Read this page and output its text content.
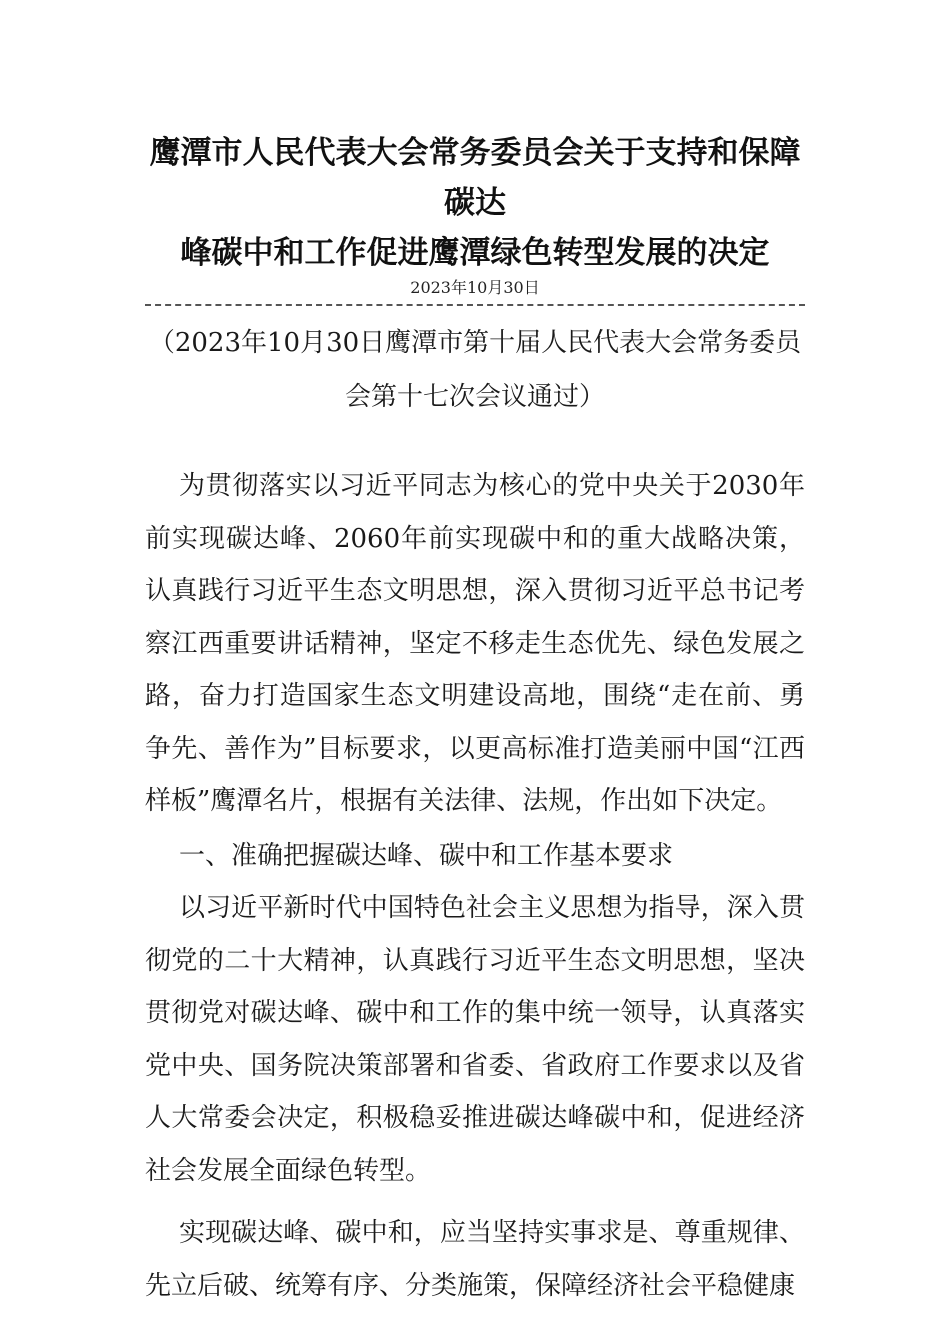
鹰潭市人民代表大会常务委员会关于支持和保障碳达
峰碳中和工作促进鹰潭绿色转型发展的决定
2023年10月30日
（2023年10月30日鹰潭市第十届人民代表大会常务委员
会第十七次会议通过）

为贯彻落实以习近平同志为核心的党中央关于2030年前实现碳达峰、2060年前实现碳中和的重大战略决策，认真践行习近平生态文明思想，深入贯彻习近平总书记考察江西重要讲话精神，坚定不移走生态优先、绿色发展之路，奋力打造国家生态文明建设高地，围绕“走在前、勇争先、善作为”目标要求，以更高标准打造美丽中国“江西样板”鹰潭名片，根据有关法律、法规，作出如下决定。

一、准确把握碳达峰、碳中和工作基本要求

以习近平新时代中国特色社会主义思想为指导，深入贯彻党的二十大精神，认真践行习近平生态文明思想，坚决贯彻党对碳达峰、碳中和工作的集中统一领导，认真落实党中央、国务院决策部署和省委、省政府工作要求以及省人大常委会决定，积极稳妥推进碳达峰碳中和，促进经济社会发展全面绿色转型。

实现碳达峰、碳中和，应当坚持实事求是、尊重规律、先立后破、统筹有序、分类施策，保障经济社会平稳健康
